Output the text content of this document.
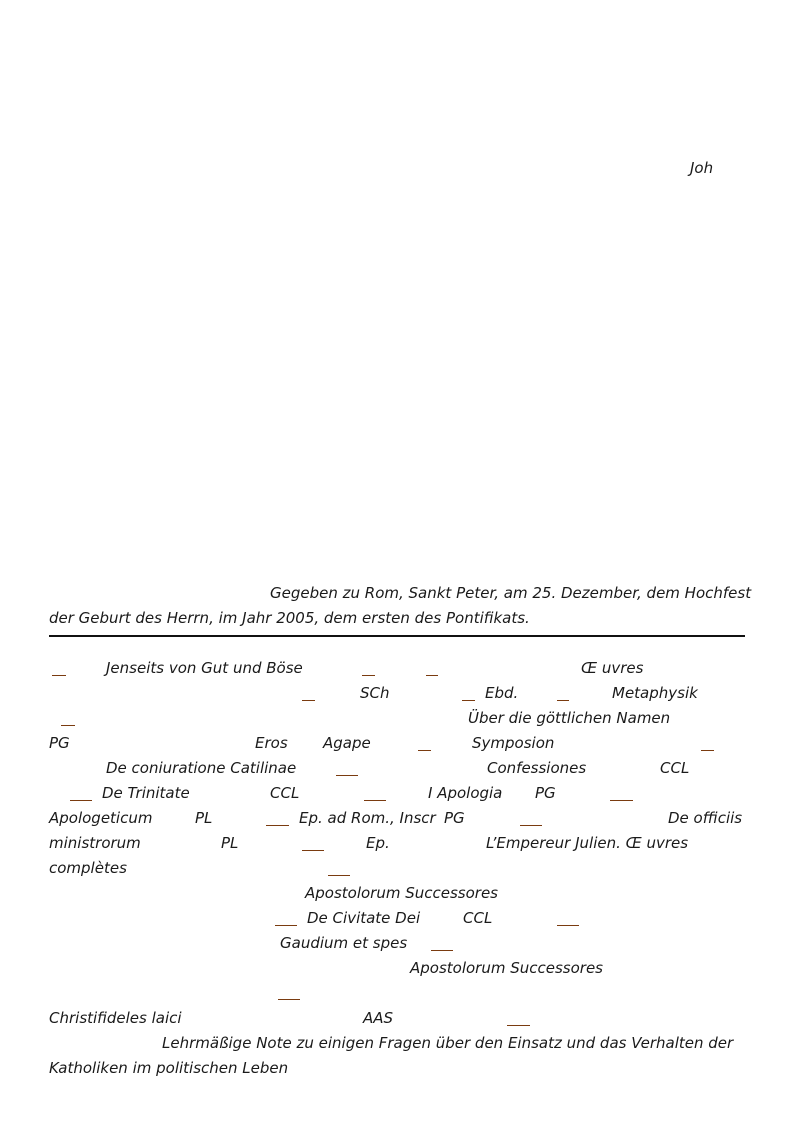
Joh
Gegeben zu Rom, Sankt Peter, am 25. Dezember, dem Hochfest
der Geburt des Herrn, im Jahr 2005, dem ersten des Pontifikats.
Jenseits von Gut und Böse	Œ uvres
SCh	Ebd.	Metaphysik
Über die göttlichen Namen
PG	Eros Agape	Symposion
De coniuratione Catilinae	Confessiones	CCL
De Trinitate	CCL	I Apologia PG
Apologeticum	PL	Ep. ad Rom., Inscr PG	De officiis
ministrorum	PL	Ep.	L’Empereur Julien. Œ uvres
complètes
Apostolorum Successores
De Civitate Dei	CCL
Gaudium et spes
Apostolorum Successores
Christifideles laici	AAS
Lehrmäßige Note zu einigen Fragen über den Einsatz und das Verhalten der
Katholiken im politischen Leben
